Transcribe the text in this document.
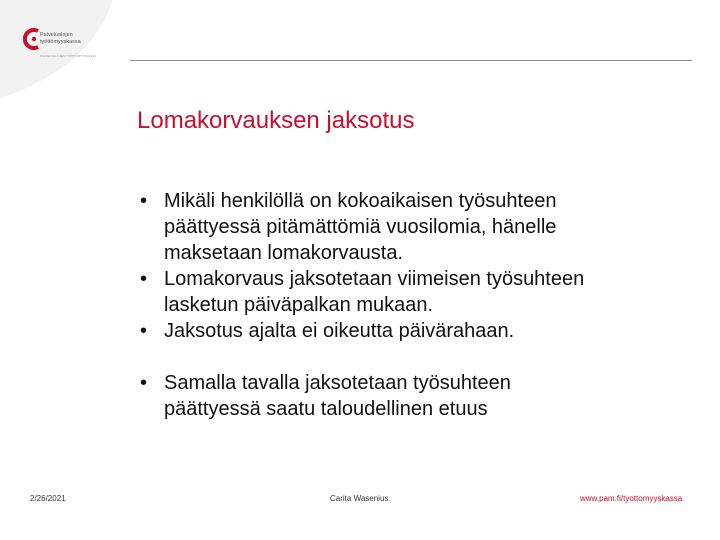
Palvelualojen
työttömyyskassa
PALVELUALOJEN TYÖTTÖMYYSKASSA
Lomakorvauksen jaksotus
• Mikäli henkilöllä on kokoaikaisen työsuhteen
päättyessä pitämättömiä vuosilomia, hänelle
maksetaan lomakorvausta.
• Lomakorvaus jaksotetaan viimeisen työsuhteen
lasketun päiväpalkan mukaan.
• Jaksotus ajalta ei oikeutta päivärahaan.
• Samalla tavalla jaksotetaan työsuhteen
päättyessä saatu taloudellinen etuus
2/26/2021	Carita Wasenius	www.pam.fi/tyottomyyskassa
